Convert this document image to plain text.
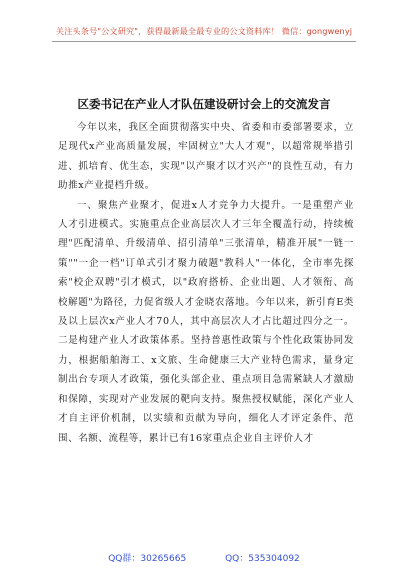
关注头条号"公文研究"，获得最新最全最专业的公文资料库！ 微信：gongwenyj
区委书记在产业人才队伍建设研讨会上的交流发言

今年以来，我区全面贯彻落实中央、省委和市委部署要求，立足现代x产业高质量发展，牢固树立"大人才观"，以超常规举措引进、抓培育、优生态，实现"以产聚才以才兴产"的良性互动，有力助推x产业提档升级。

一、聚焦产业聚才，促进x人才竞争力大提升。一是重塑产业人才引进模式。实施重点企业高层次人才三年全覆盖行动，持续梳理"匹配清单、升级清单、招引清单"三张清单，精准开展"一链一策""一企一档"订单式引才聚力破题"教科人"一体化，全市率先探索"校企双聘"引才模式，以"政府搭桥、企业出题、人才领衔、高校解题"为路径，力促省级人才金晓农落地。今年以来，新引育E类及以上层次x产业人才70人，其中高层次人才占比超过四分之一。二是构建产业人才政策体系。坚持普惠性政策与个性化政策协同发力，根据船舶海工、x文旅、生命健康三大产业特色需求，量身定制出台专项人才政策，强化头部企业、重点项目急需紧缺人才激励和保障，实现对产业发展的靶向支持。聚焦授权赋能，深化产业人才自主评价机制，以实绩和贡献为导向，细化人才评定条件、范围、名额、流程等，累计已有16家重点企业自主评价人才

QQ群：30265665	QQ：535304092
